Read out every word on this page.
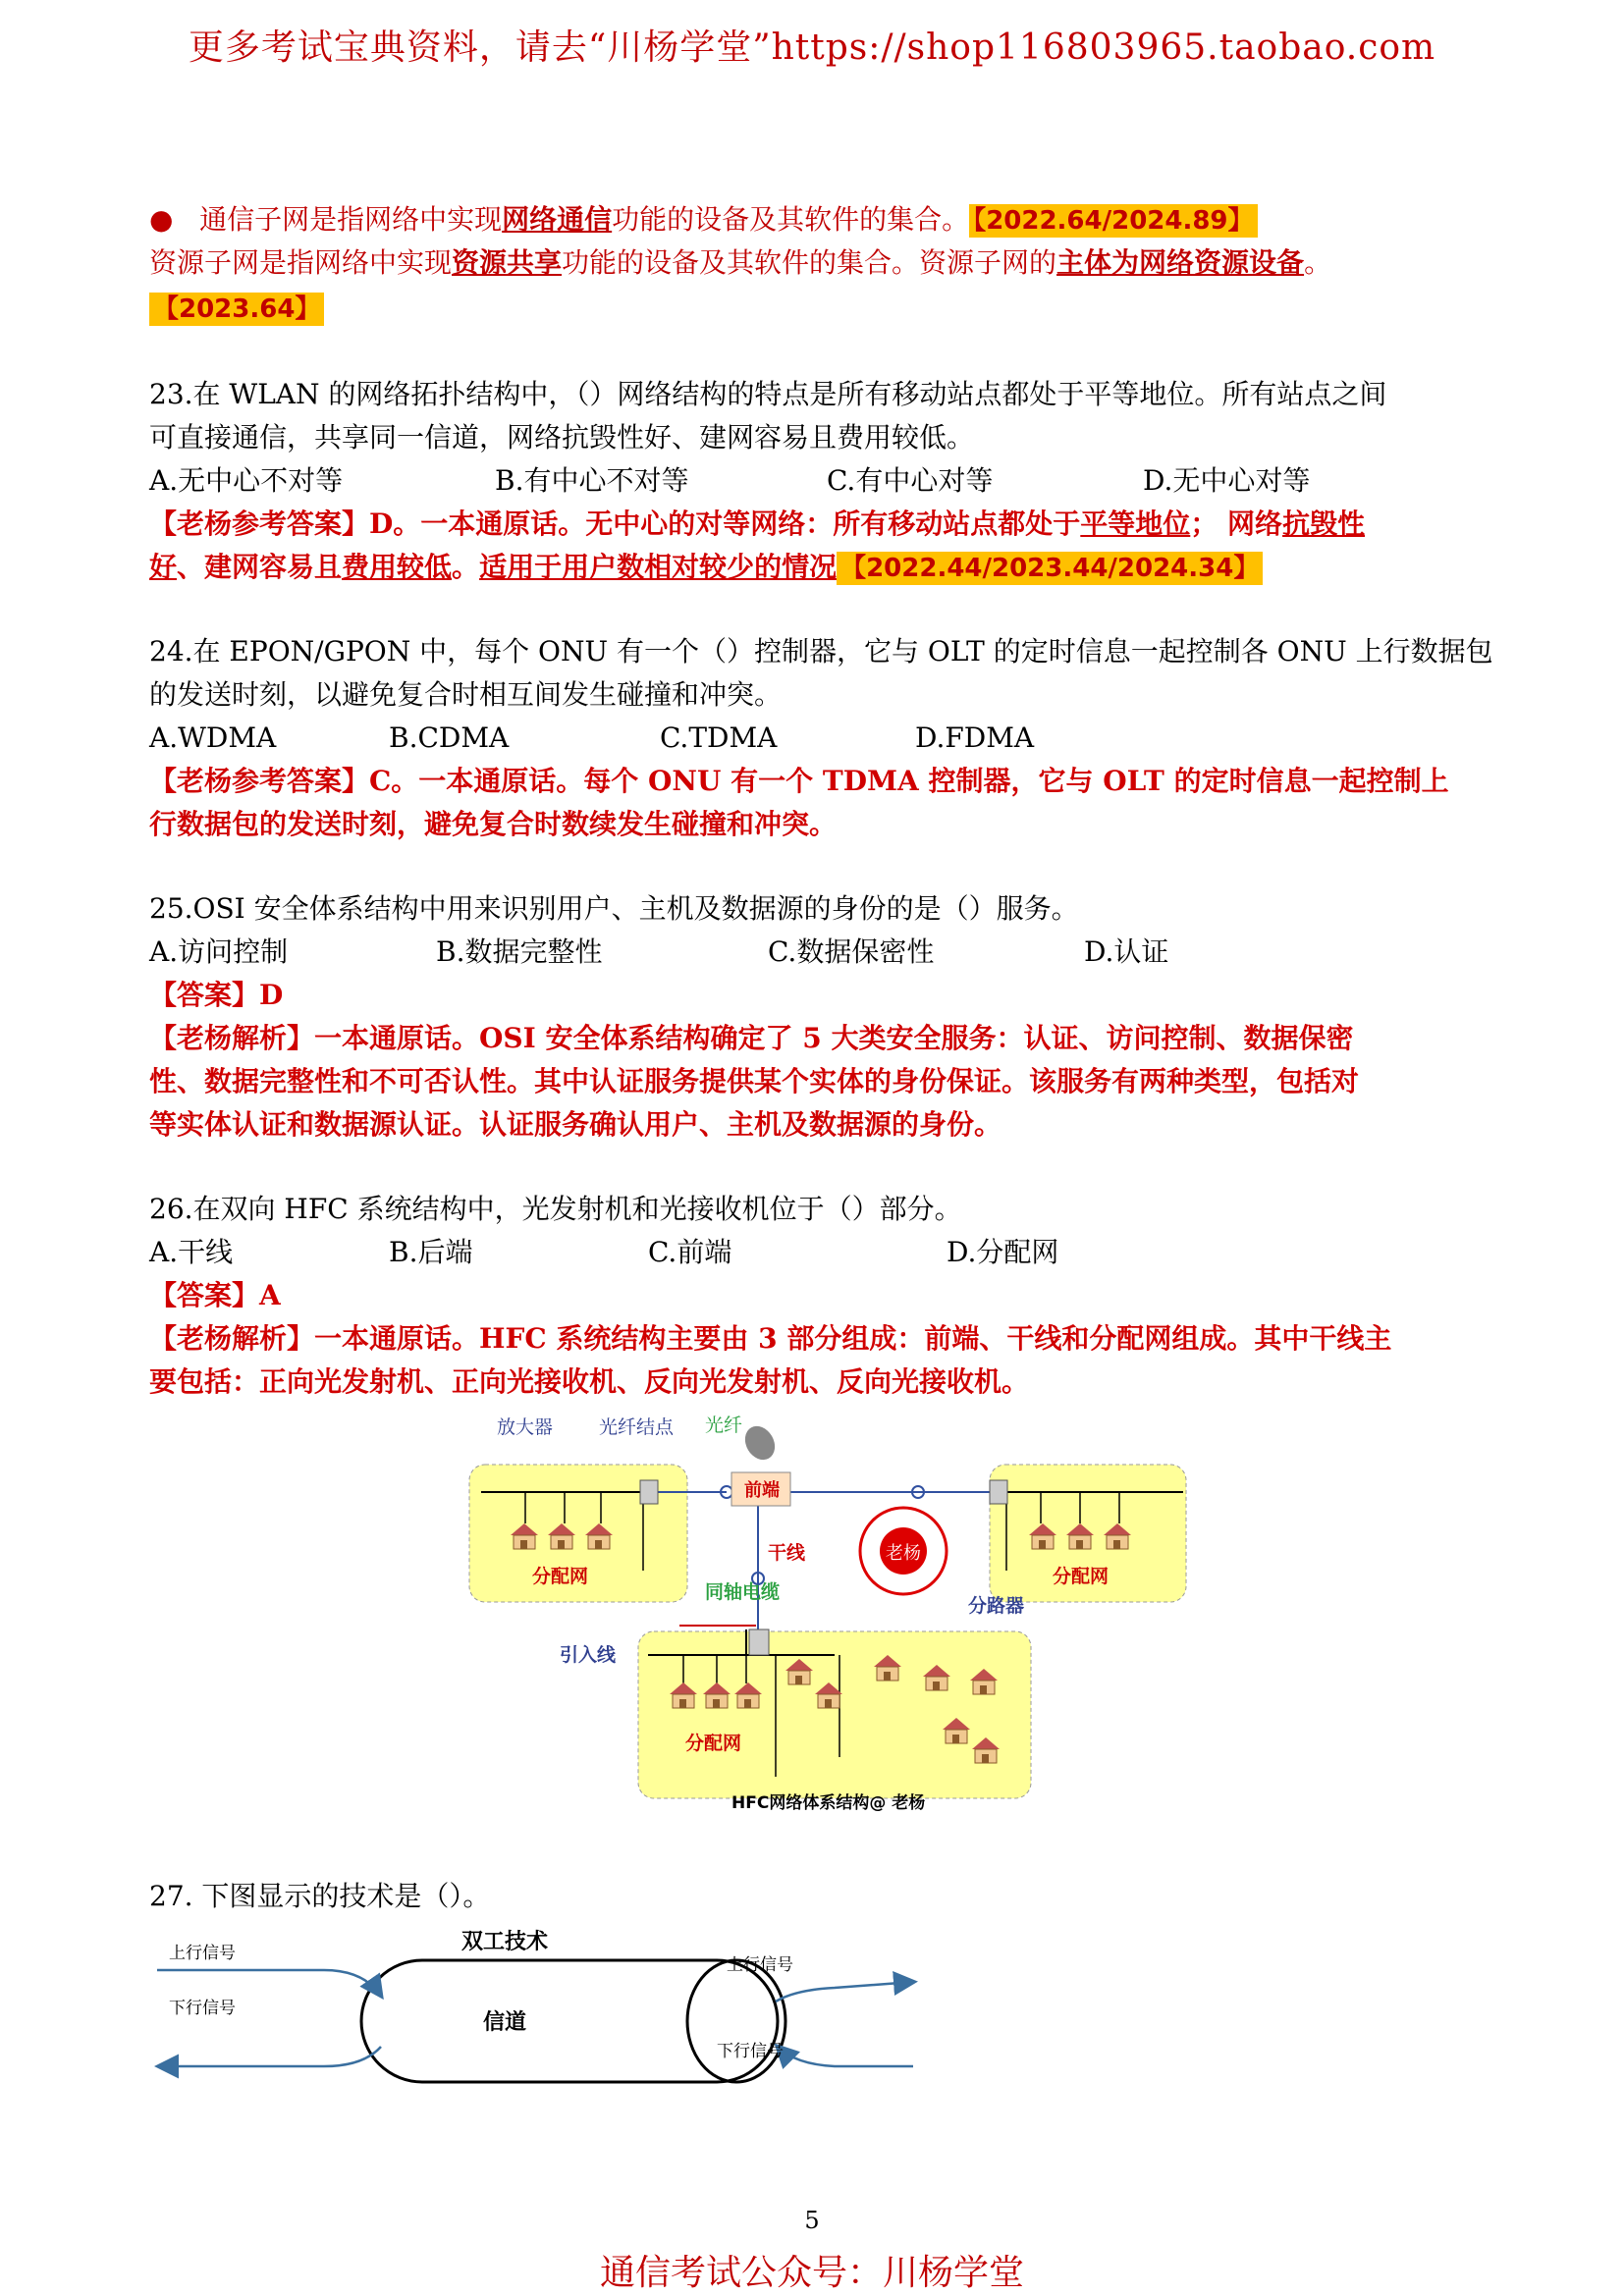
更多考试宝典资料，请去“川杨学堂”https://shop116803965.taobao.com
● 通信子网是指网络中实现网络通信功能的设备及其软件的集合。 【2022.64/2024.89】
资源子网是指网络中实现资源共享功能的设备及其软件的集合。资源子网的主体为网络资源设备。
【2023.64】
23.在 WLAN 的网络拓扑结构中，（）网络结构的特点是所有移动站点都处于平等地位。所有站点之间
可直接通信，共享同一信道，网络抗毁性好、建网容易且费用较低。
A.无中心不对等	B.有中心不对等	C.有中心对等	D.无中心对等
【老杨参考答案】D。一本通原话。无中心的对等网络：所有移动站点都处于平等地位； 网络抗毁性
好、建网容易且费用较低。适用于用户数相对较少的情况 【2022.44/2023.44/2024.34】
24.在 EPON/GPON 中，每个 ONU 有一个（）控制器，它与 OLT 的定时信息一起控制各 ONU 上行数据包
的发送时刻，以避免复合时相互间发生碰撞和冲突。
A.WDMA	B.CDMA	C.TDMA	D.FDMA
【老杨参考答案】C。一本通原话。每个 ONU 有一个 TDMA 控制器，它与 OLT 的定时信息一起控制上
行数据包的发送时刻，避免复合时数续发生碰撞和冲突。
25.OSI 安全体系结构中用来识别用户、主机及数据源的身份的是（）服务。
A.访问控制	B.数据完整性	C.数据保密性	D.认证
【答案】D
【老杨解析】一本通原话。OSI 安全体系结构确定了 5 大类安全服务：认证、访问控制、数据保密
性、数据完整性和不可否认性。其中认证服务提供某个实体的身份保证。该服务有两种类型，包括对
等实体认证和数据源认证。认证服务确认用户、主机及数据源的身份。
26.在双向 HFC 系统结构中，光发射机和光接收机位于（）部分。
A.干线	B.后端	C.前端	D.分配网
【答案】A
【老杨解析】一本通原话。HFC 系统结构主要由 3 部分组成：前端、干线和分配网组成。其中干线主
要包括：正向光发射机、正向光接收机、反向光发射机、反向光接收机。
老杨
放大器 光纤结点 光纤
前端
干线
同轴电缆
分路器
引入线
分配网	分配网
分配网
HFC网络体系结构@ 老杨
27. 下图显示的技术是（）。
双工技术
信道
上行信号
下行信号
上行信号
下行信号
5
通信考试公众号：川杨学堂
